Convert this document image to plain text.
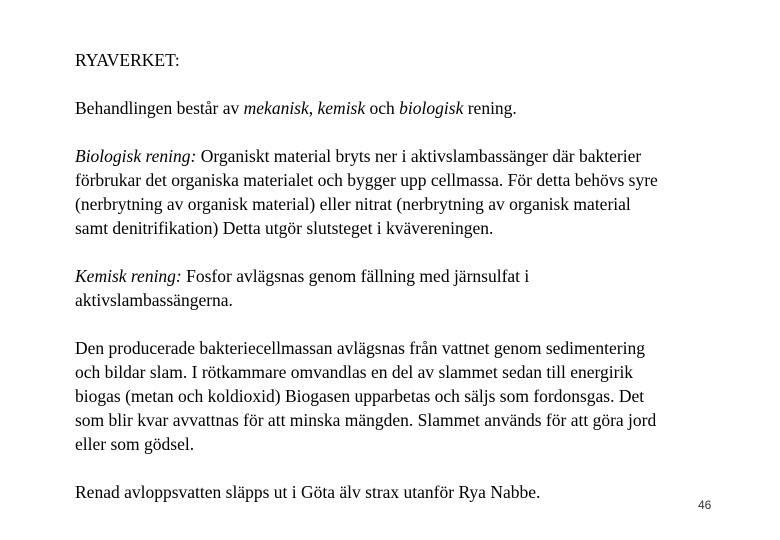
RYAVERKET:

Behandlingen består av mekanisk, kemisk och biologisk rening.

Biologisk rening: Organiskt material bryts ner i aktivslambassänger där bakterier
förbrukar det organiska materialet och bygger upp cellmassa. För detta behövs syre
(nerbrytning av organisk material) eller nitrat (nerbrytning av organisk material
samt denitrifikation) Detta utgör slutsteget i kvävereningen.

Kemisk rening: Fosfor avlägsnas genom fällning med järnsulfat i
aktivslambassängerna.

Den producerade bakteriecellmassan avlägsnas från vattnet genom sedimentering
och bildar slam. I rötkammare omvandlas en del av slammet sedan till energirik
biogas (metan och koldioxid) Biogasen upparbetas och säljs som fordonsgas. Det
som blir kvar avvattnas för att minska mängden. Slammet används för att göra jord
eller som gödsel.

Renad avloppsvatten släpps ut i Göta älv strax utanför Rya Nabbe.

46
